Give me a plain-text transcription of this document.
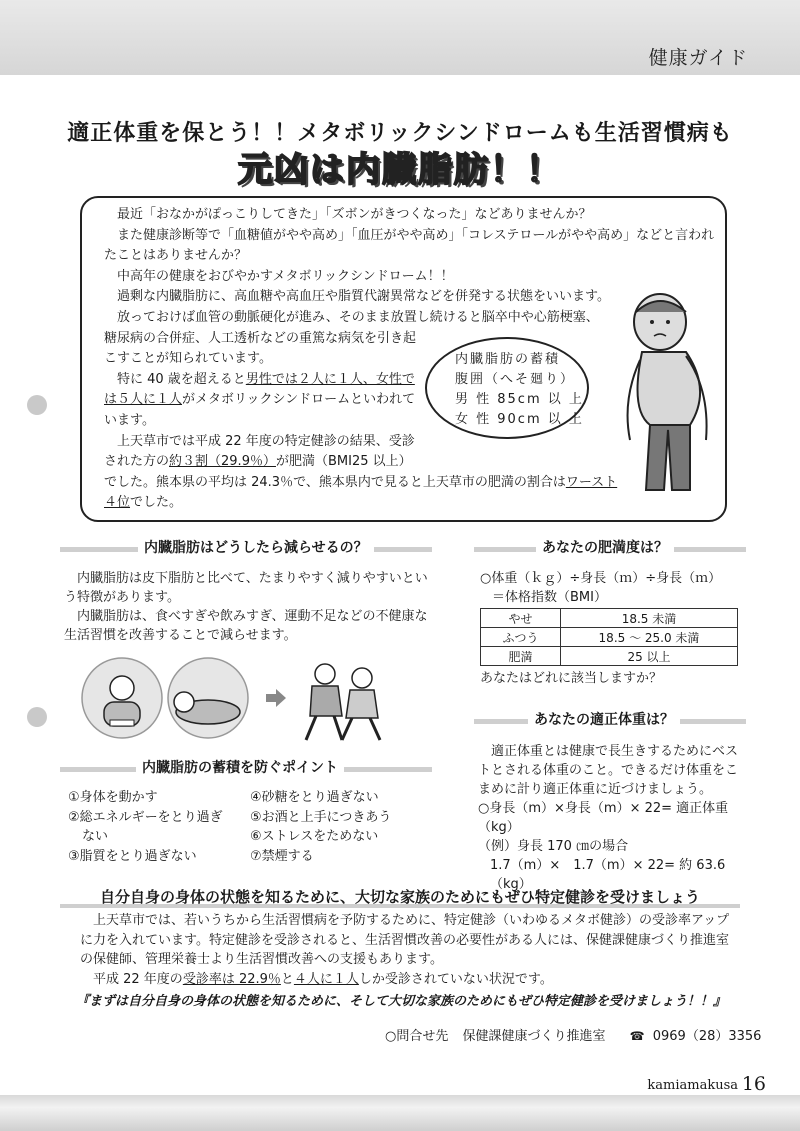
健康ガイド
適正体重を保とう！！メタボリックシンドロームも生活習慣病も
元凶は内臓脂肪！！

最近「おなかがぽっこりしてきた」「ズボンがきつくなった」などありませんか？

また健康診断等で「血糖値がやや高め」「血圧がやや高め」「コレステロールがやや高め」などと言われたことはありませんか？

中高年の健康をおびやかすメタボリックシンドローム！！

過剰な内臓脂肪に、高血糖や高血圧や脂質代謝異常などを併発する状態をいいます。

放っておけば血管の動脈硬化が進み、そのまま放置し続けると脳卒中や心筋梗塞、

糖尿病の合併症、人工透析などの重篤な病気を引き起こすことが知られています。

特に 40 歳を超えると男性では２人に１人、女性では５人に１人がメタボリックシンドロームといわれています。

上天草市では平成 22 年度の特定健診の結果、受診された方の約３割（29.9％）が肥満（BMI25 以上）

でした。熊本県の平均は 24.3％で、熊本県内で見ると上天草市の肥満の割合はワースト４位でした。

内臓脂肪の蓄積
腹囲（へそ廻り）
男 性 85cm 以 上
女 性 90cm 以 上
内臓脂肪はどうしたら減らせるの？

内臓脂肪は皮下脂肪と比べて、たまりやすく減りやすいという特徴があります。

内臓脂肪は、食べすぎや飲みすぎ、運動不足などの不健康な生活習慣を改善することで減らせます。

内臓脂肪の蓄積を防ぐポイント
①身体を動かす
②総エネルギーをとり過ぎ
ない
③脂質をとり過ぎない
④砂糖をとり過ぎない
⑤お酒と上手につきあう
⑥ストレスをためない
⑦禁煙する
あなたの肥満度は？
○体重（ｋｇ）÷身長（ｍ）÷身長（ｍ）
＝体格指数（BMI）
やせ	18.5 未満
ふつう	18.5 ～ 25.0 未満
肥満	25 以上
あなたはどれに該当しますか？
あなたの適正体重は？

適正体重とは健康で長生きするためにベストとされる体重のこと。できるだけ体重をこまめに計り適正体重に近づけましょう。

○身長（m）×身長（m）× 22= 適正体重（kg）
（例）身長 170 ㎝の場合
1.7（m）×　1.7（m）× 22= 約 63.6（kg）
自分自身の身体の状態を知るために、大切な家族のためにもぜひ特定健診を受けましょう

上天草市では、若いうちから生活習慣病を予防するために、特定健診（いわゆるメタボ健診）の受診率アップに力を入れています。特定健診を受診されると、生活習慣改善の必要性がある人には、保健課健康づくり推進室の保健師、管理栄養士より生活習慣改善への支援もあります。

平成 22 年度の受診率は 22.9％と４人に１人しか受診されていない状況です。

『まずは自分自身の身体の状態を知るために、そして大切な家族のためにもぜひ特定健診を受けましょう！！』
○問合せ先 保健課健康づくり推進室 ☎ 0969（28）3356
kamiamakusa 16
